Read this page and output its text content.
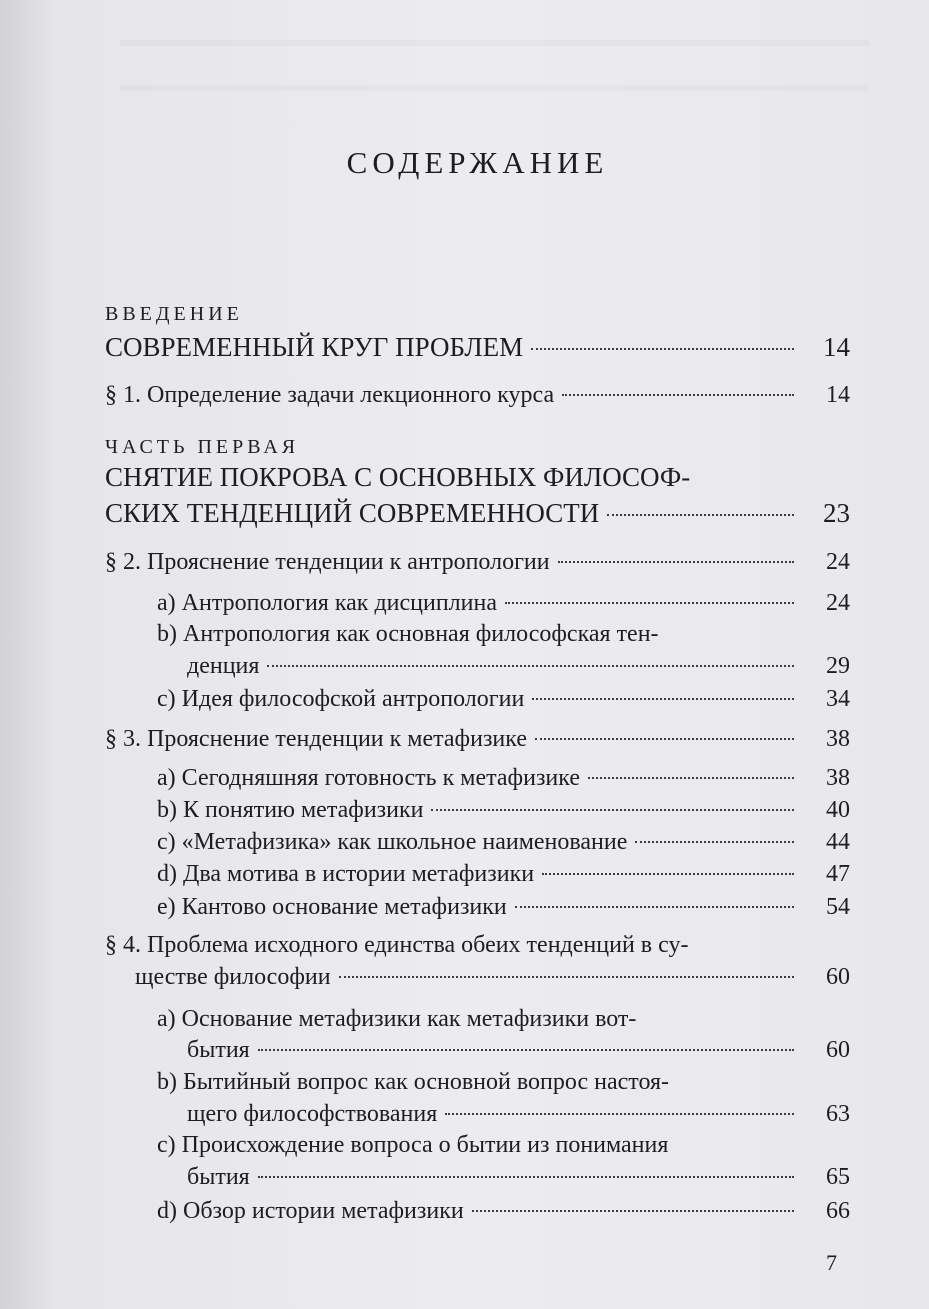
СОДЕРЖАНИЕ
ВВЕДЕНИЕ
СОВРЕМЕННЫЙ КРУГ ПРОБЛЕМ	14
§ 1. Определение задачи лекционного курса	14
ЧАСТЬ ПЕРВАЯ
СНЯТИЕ ПОКРОВА С ОСНОВНЫХ ФИЛОСОФ-
СКИХ ТЕНДЕНЦИЙ СОВРЕМЕННОСТИ	23
§ 2. Прояснение тенденции к антропологии	24
a) Антропология как дисциплина	24
b) Антропология как основная философская тен-
денция	29
c) Идея философской антропологии	34
§ 3. Прояснение тенденции к метафизике	38
a) Сегодняшняя готовность к метафизике	38
b) К понятию метафизики	40
c) «Метафизика» как школьное наименование	44
d) Два мотива в истории метафизики	47
e) Кантово основание метафизики	54
§ 4. Проблема исходного единства обеих тенденций в су-
ществе философии	60
a) Основание метафизики как метафизики вот-
бытия	60
b) Бытийный вопрос как основной вопрос настоя-
щего философствования	63
c) Происхождение вопроса о бытии из понимания
бытия	65
d) Обзор истории метафизики	66
7
